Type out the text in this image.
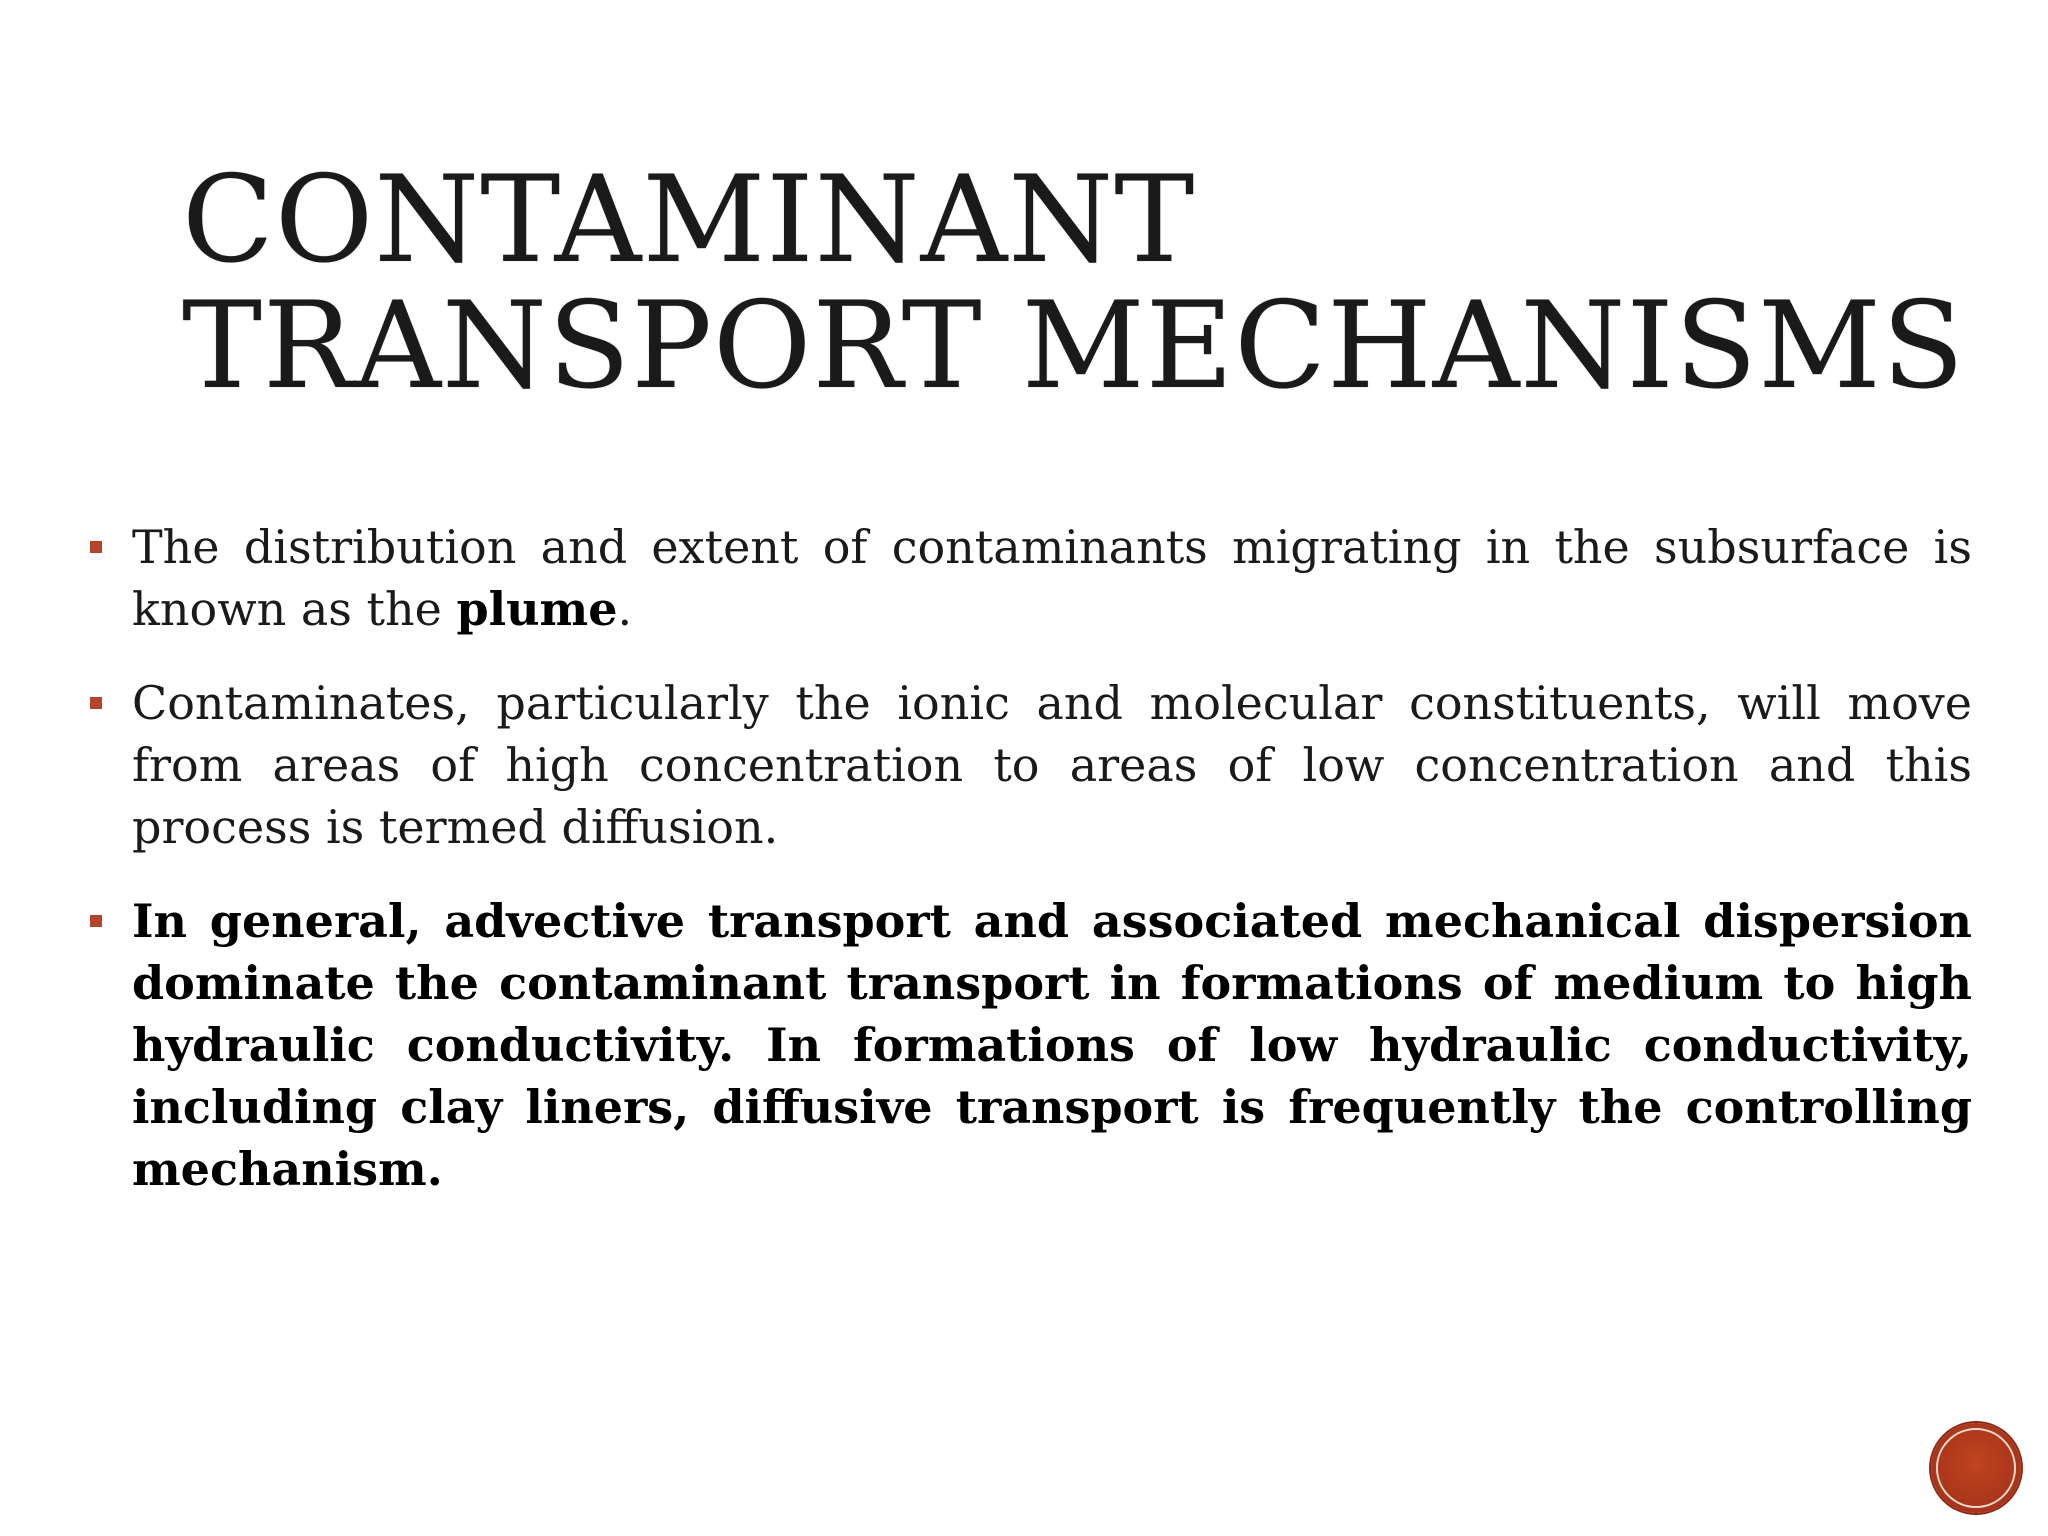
CONTAMINANT
TRANSPORT MECHANISMS
The distribution and extent of contaminants migrating in the subsurface is known as the plume.
Contaminates, particularly the ionic and molecular constituents, will move from areas of high concentration to areas of low concentration and this process is termed diffusion.
In general, advective transport and associated mechanical dispersion dominate the contaminant transport in formations of medium to high hydraulic conductivity. In formations of low hydraulic conductivity, including clay liners, diffusive transport is frequently the controlling mechanism.
